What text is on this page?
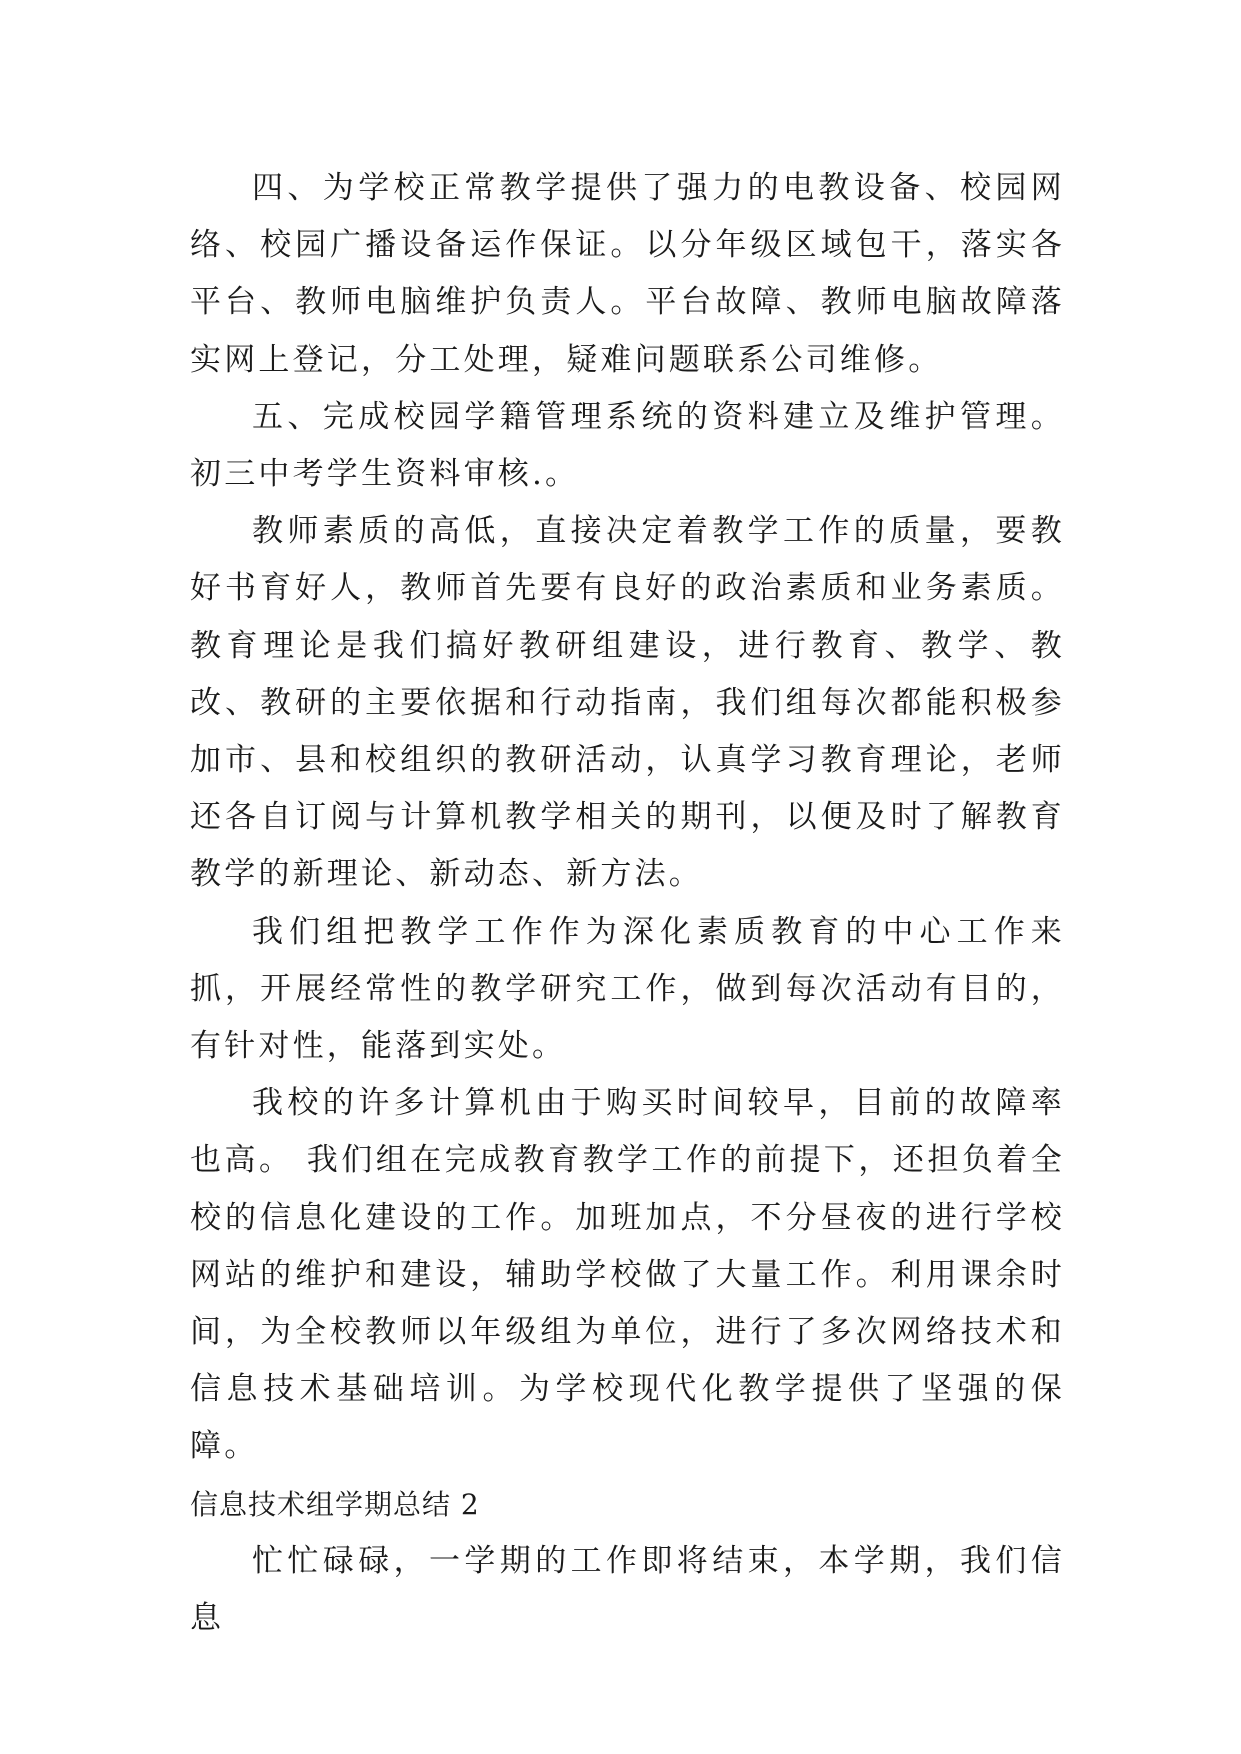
四、为学校正常教学提供了强力的电教设备、校园网络、校园广播设备运作保证。以分年级区域包干，落实各平台、教师电脑维护负责人。平台故障、教师电脑故障落实网上登记，分工处理，疑难问题联系公司维修。

五、完成校园学籍管理系统的资料建立及维护管理。初三中考学生资料审核.。

教师素质的高低，直接决定着教学工作的质量，要教好书育好人，教师首先要有良好的政治素质和业务素质。教育理论是我们搞好教研组建设，进行教育、教学、教改、教研的主要依据和行动指南，我们组每次都能积极参加市、县和校组织的教研活动，认真学习教育理论，老师还各自订阅与计算机教学相关的期刊，以便及时了解教育教学的新理论、新动态、新方法。

我们组把教学工作作为深化素质教育的中心工作来抓，开展经常性的教学研究工作，做到每次活动有目的，有针对性，能落到实处。

我校的许多计算机由于购买时间较早，目前的故障率也高。 我们组在完成教育教学工作的前提下，还担负着全校的信息化建设的工作。加班加点，不分昼夜的进行学校网站的维护和建设，辅助学校做了大量工作。利用课余时间，为全校教师以年级组为单位，进行了多次网络技术和信息技术基础培训。为学校现代化教学提供了坚强的保障。

信息技术组学期总结 2

忙忙碌碌，一学期的工作即将结束，本学期，我们信息
